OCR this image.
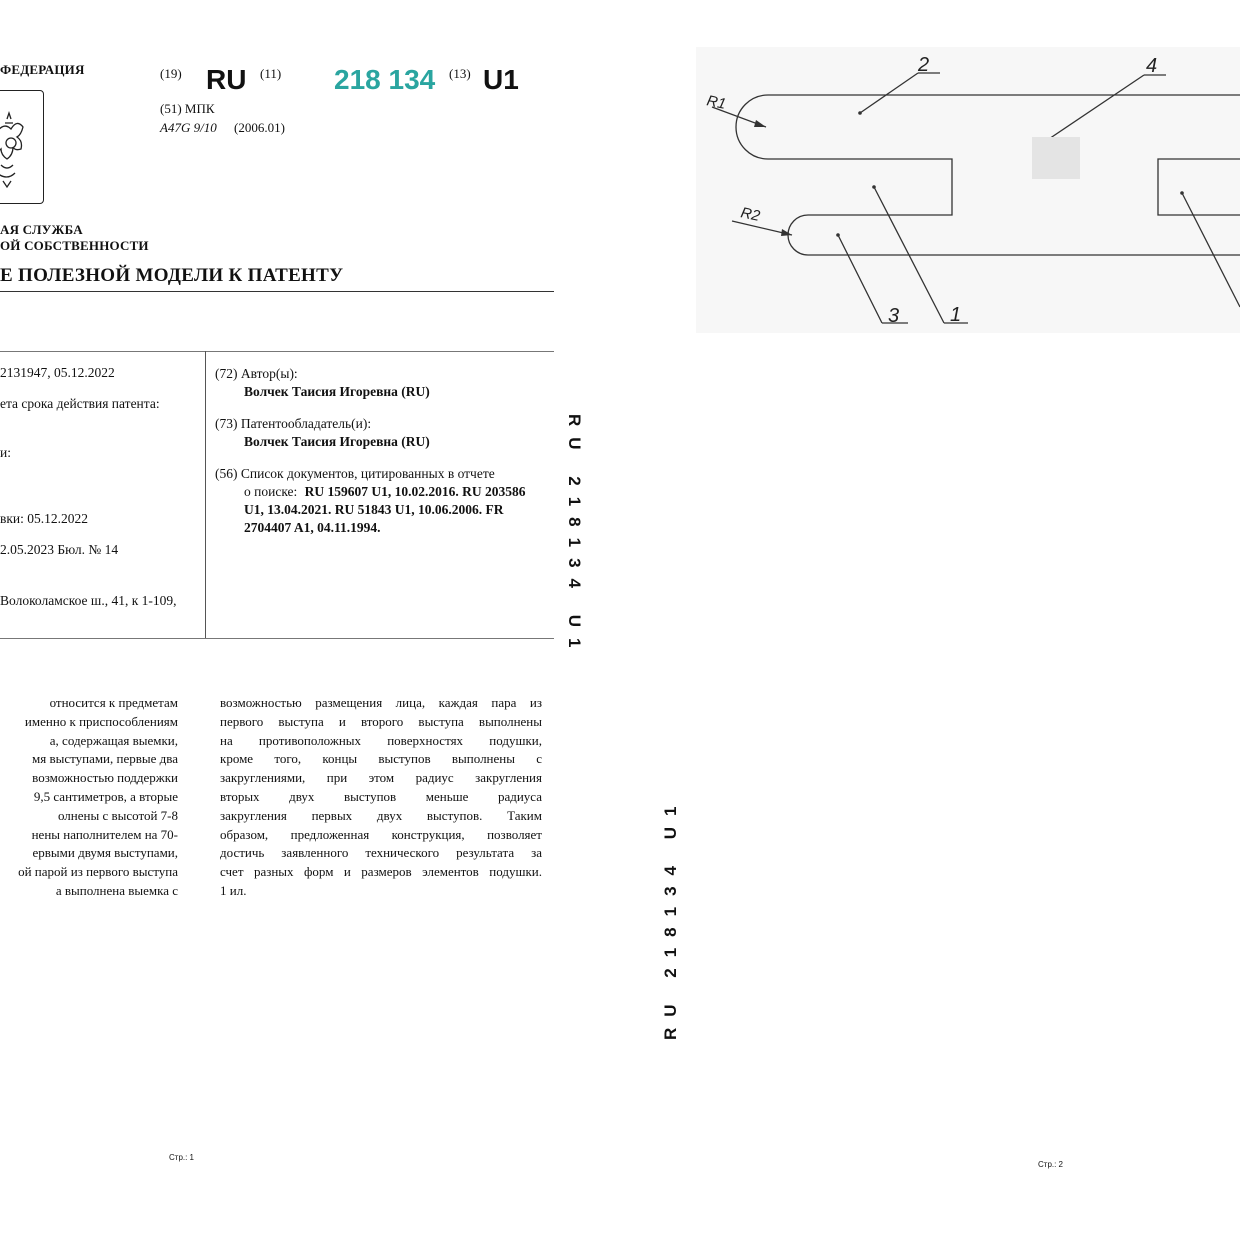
ФЕДЕРАЦИЯ	(19) RU (11) 218 134 (13) U1
(51) МПК
A47G 9/10 (2006.01)
АЯ СЛУЖБА
ОЙ СОБСТВЕННОСТИ
Е ПОЛЕЗНОЙ МОДЕЛИ К ПАТЕНТУ
2131947, 05.12.2022
ета срока действия патента:
и:
вки: 05.12.2022
2.05.2023 Бюл. № 14
Волоколамское ш., 41, к 1-109,
(72) Автор(ы):
Волчек Таисия Игоревна (RU)
(73) Патентообладатель(и):
Волчек Таисия Игоревна (RU)
(56) Список документов, цитированных в отчете
о поиске: RU 159607 U1, 10.02.2016. RU 203586
U1, 13.04.2021. RU 51843 U1, 10.06.2006. FR
2704407 A1, 04.11.1994.
относится к предметам
именно к приспособлениям
а, содержащая выемки,
мя выступами, первые два
возможностью поддержки
9,5 сантиметров, а вторые
олнены с высотой 7-8
нены наполнителем на 70-
ервыми двумя выступами,
ой парой из первого выступа
а выполнена выемка с
возможностью размещения лица, каждая пара из
первого выступа и второго выступа выполнены
на противоположных поверхностях подушки,
кроме того, концы выступов выполнены с
закруглениями, при этом радиус закругления
вторых двух выступов меньше радиуса
закругления первых двух выступов. Таким
образом, предложенная конструкция, позволяет
достичь заявленного технического результата за
счет разных форм и размеров элементов подушки.
1 ил.
RU 218134 U1
Стр.: 1
2	4
3	1
R1
R2
RU 218134 U1
Стр.: 2
